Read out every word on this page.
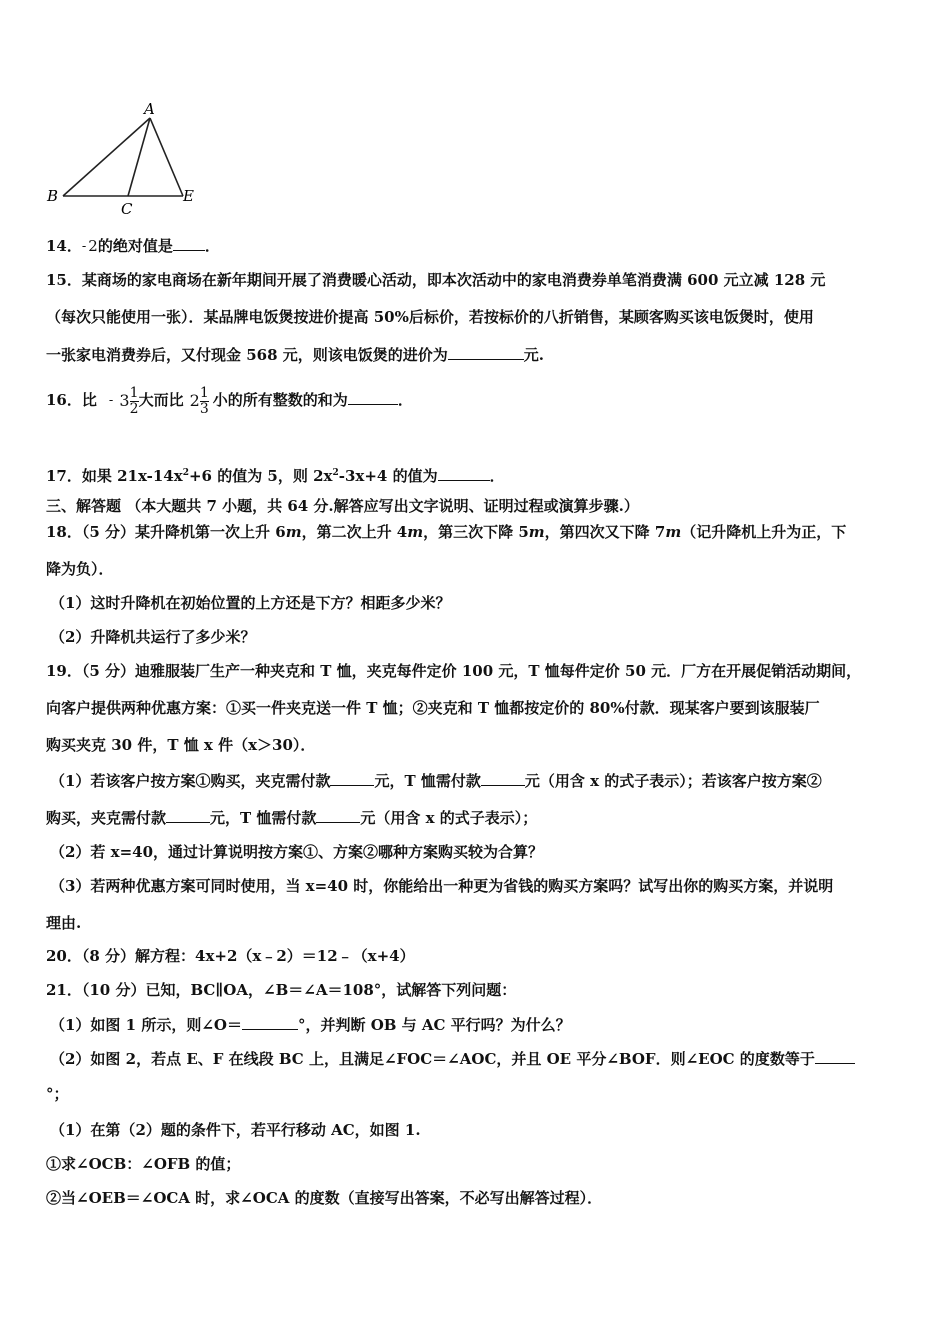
A
B
C
E
14．- 2的绝对值是 ．
15．某商场的家电商场在新年期间开展了消费暖心活动，即本次活动中的家电消费券单笔消费满 600 元立减 128 元
（每次只能使用一张）．某品牌电饭煲按进价提高 50%后标价，若按标价的八折销售，某顾客购买该电饭煲时，使用
一张家电消费券后，又付现金 568 元，则该电饭煲的进价为	元.
16．比 - $3 \frac{1}{2}$ 大而比 $2 \frac{1}{3}$ 小的所有整数的和为	．
17．如果 $21x-14x^2+6$ 的值为 5，则 $2x^2-3x+4$ 的值为	．
三、解答题 （本大题共 7 小题，共 64 分.解答应写出文字说明、证明过程或演算步骤.）
18．（5 分）某升降机第一次上升 6m，第二次上升 4m，第三次下降 5m，第四次又下降 7m（记升降机上升为正，下
降为负）．
（1）这时升降机在初始位置的上方还是下方？相距多少米？
（2）升降机共运行了多少米？
19．（5 分）迪雅服装厂生产一种夹克和 T 恤，夹克每件定价 100 元，T 恤每件定价 50 元．厂方在开展促销活动期间，
向客户提供两种优惠方案：①买一件夹克送一件 T 恤；②夹克和 T 恤都按定价的 80%付款．现某客户要到该服装厂
购买夹克 30 件，T 恤 x 件（x＞30）．
（1）若该客户按方案①购买，夹克需付款	元，T 恤需付款	元（用含 x 的式子表示）；若该客户按方案②
购买，夹克需付款	元，T 恤需付款	元（用含 x 的式子表示）；
（2）若 x=40，通过计算说明按方案①、方案②哪种方案购买较为合算？
（3）若两种优惠方案可同时使用，当 x=40 时，你能给出一种更为省钱的购买方案吗？试写出你的购买方案，并说明
理由.
20．（8 分）解方程：4x+2（x﹣2）＝12﹣（x+4）
21．（10 分）已知，BC∥OA，∠B＝∠A＝108°，试解答下列问题：
（1）如图 1 所示，则∠O＝	°，并判断 OB 与 AC 平行吗？为什么？
（2）如图 2，若点 E、F 在线段 BC 上，且满足∠FOC＝∠AOC，并且 OE 平分∠BOF．则∠EOC 的度数等于
°；
（1）在第（2）题的条件下，若平行移动 AC，如图 1.
①求∠OCB：∠OFB 的值；
②当∠OEB＝∠OCA 时，求∠OCA 的度数（直接写出答案，不必写出解答过程）．
